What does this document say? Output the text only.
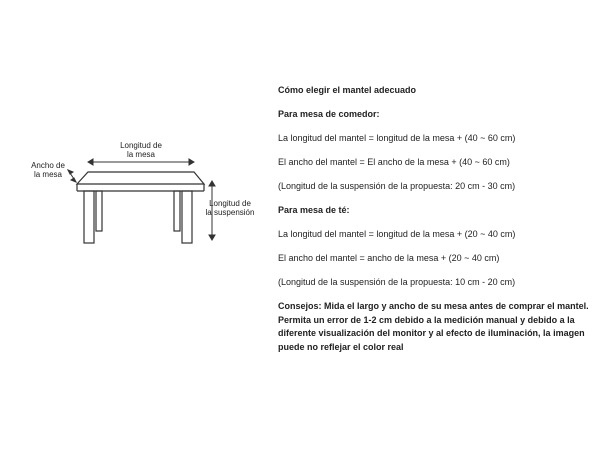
Longitud de
la mesa
Ancho de
la mesa
Longitud de
la suspensión

Cómo elegir el mantel adecuado

Para mesa de comedor:

La longitud del mantel = longitud de la mesa + (40 ~ 60 cm)

El ancho del mantel = El ancho de la mesa + (40 ~ 60 cm)

(Longitud de la suspensión de la propuesta: 20 cm - 30 cm)

Para mesa de té:

La longitud del mantel = longitud de la mesa + (20 ~ 40 cm)

El ancho del mantel = ancho de la mesa + (20 ~ 40 cm)

(Longitud de la suspensión de la propuesta: 10 cm - 20 cm)

Consejos: Mida el largo y ancho de su mesa antes de comprar el mantel. Permita un error de 1-2 cm debido a la medición manual y debido a la diferente visualización del monitor y al efecto de iluminación, la imagen puede no reflejar el color real
